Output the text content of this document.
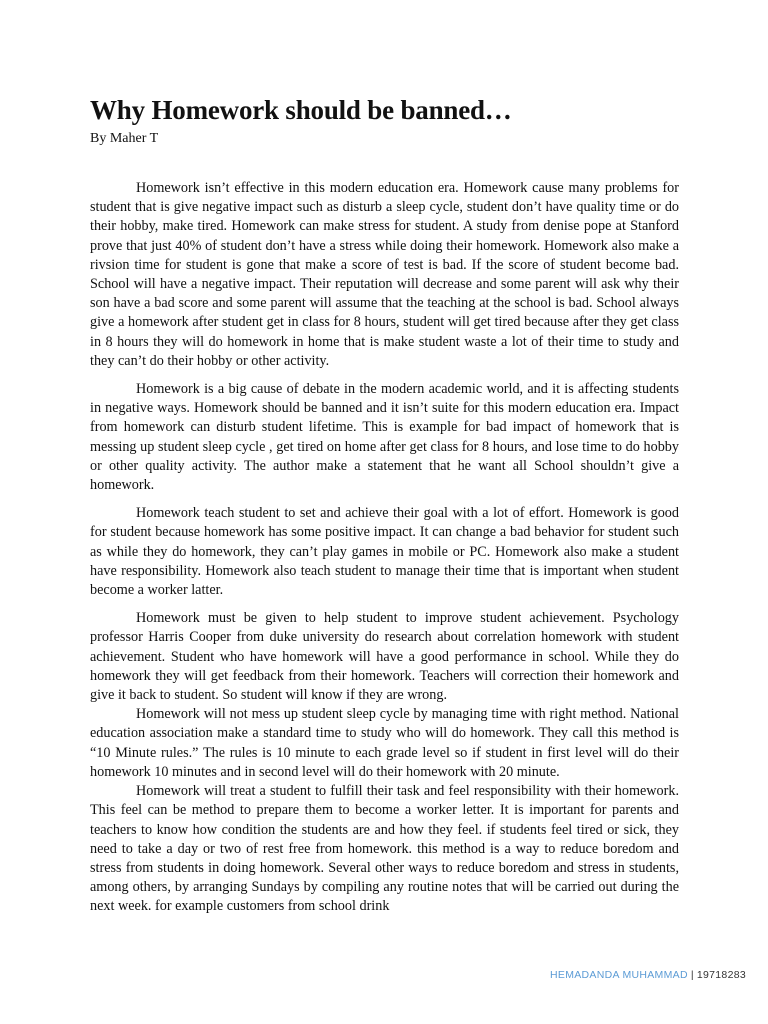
Why Homework should be banned…

By Maher T

Homework isn’t effective in this modern education era. Homework cause many problems for student that is give negative impact such as disturb a sleep cycle, student don’t have quality time or do their hobby, make tired. Homework can make stress for student. A study from denise pope at Stanford prove that just 40% of student don’t have a stress while doing their homework. Homework also make a rivsion time for student is gone that make a score of test is bad. If the score of student become bad. School will have a negative impact. Their reputation will decrease and some parent will ask why their son have a bad score and some parent will assume that the teaching at the school is bad. School always give a homework after student get in class for 8 hours, student will get tired because after they get class in 8 hours they will do homework in home that is make student waste a lot of their time to study and they can’t do their hobby or other activity.

Homework is a big cause of debate in the modern academic world, and it is affecting students in negative ways. Homework should be banned and it isn’t suite for this modern education era. Impact from homework can disturb student lifetime. This is example for bad impact of homework that is messing up student sleep cycle , get tired on home after get class for 8 hours, and lose time to do hobby or other quality activity. The author make a statement that he want all School shouldn’t give a homework.

Homework teach student to set and achieve their goal with a lot of effort. Homework is good for student because homework has some positive impact. It can change a bad behavior for student such as while they do homework, they can’t play games in mobile or PC. Homework also make a student have responsibility. Homework also teach student to manage their time that is important when student become a worker latter.

Homework must be given to help student to improve student achievement. Psychology professor Harris Cooper from duke university do research about correlation homework with student achievement. Student who have homework will have a good performance in school. While they do homework they will get feedback from their homework. Teachers will correction their homework and give it back to student. So student will know if they are wrong.

Homework will not mess up student sleep cycle by managing time with right method. National education association make a standard time to study who will do homework. They call this method is “10 Minute rules.” The rules is 10 minute to each grade level so if student in first level will do their homework 10 minutes and in second level will do their homework with 20 minute.

Homework will treat a student to fulfill their task and feel responsibility with their homework. This feel can be method to prepare them to become a worker letter. It is important for parents and teachers to know how condition the students are and how they feel. if students feel tired or sick, they need to take a day or two of rest free from homework. this method is a way to reduce boredom and stress from students in doing homework. Several other ways to reduce boredom and stress in students, among others, by arranging Sundays by compiling any routine notes that will be carried out during the next week. for example customers from school drink

HEMADANDA MUHAMMAD | 19718283
